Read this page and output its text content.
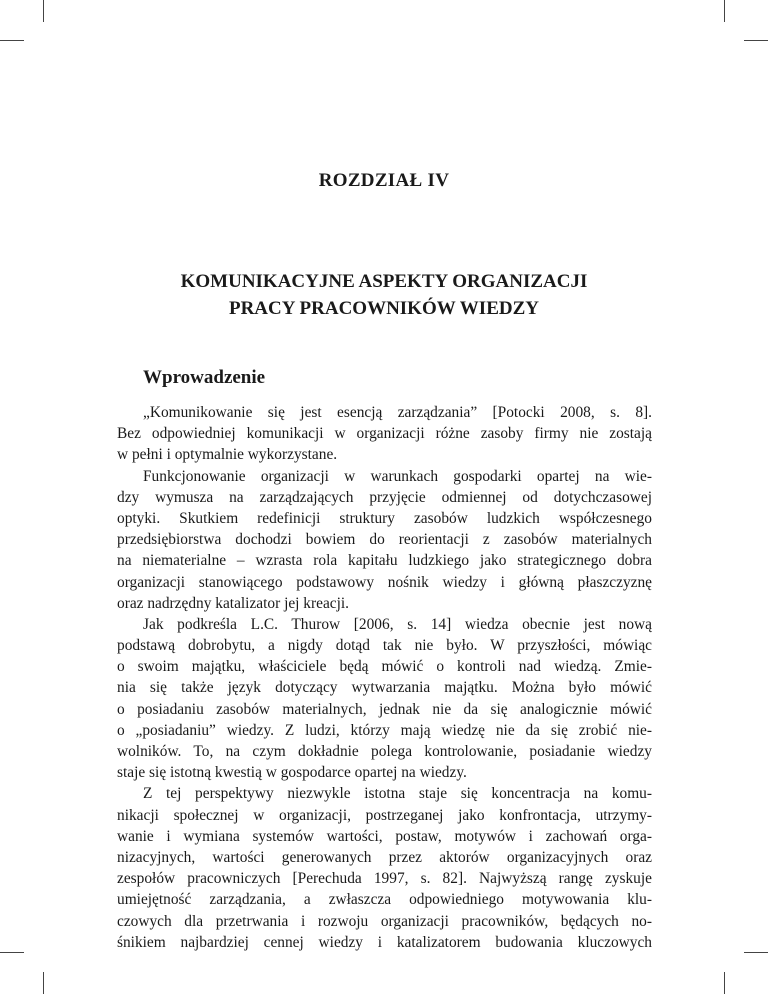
ROZDZIAŁ IV
KOMUNIKACYJNE ASPEKTY ORGANIZACJI
PRACY PRACOWNIKÓW WIEDZY
Wprowadzenie
„Komunikowanie się jest esencją zarządzania” [Potocki 2008, s. 8].
Bez odpowiedniej komunikacji w organizacji różne zasoby firmy nie zostają
w pełni i optymalnie wykorzystane.
Funkcjonowanie organizacji w warunkach gospodarki opartej na wie-
dzy wymusza na zarządzających przyjęcie odmiennej od dotychczasowej
optyki. Skutkiem redefinicji struktury zasobów ludzkich współczesnego
przedsiębiorstwa dochodzi bowiem do reorientacji z zasobów materialnych
na niematerialne – wzrasta rola kapitału ludzkiego jako strategicznego dobra
organizacji stanowiącego podstawowy nośnik wiedzy i główną płaszczyznę
oraz nadrzędny katalizator jej kreacji.
Jak podkreśla L.C. Thurow [2006, s. 14] wiedza obecnie jest nową
podstawą dobrobytu, a nigdy dotąd tak nie było. W przyszłości, mówiąc
o swoim majątku, właściciele będą mówić o kontroli nad wiedzą. Zmie-
nia się także język dotyczący wytwarzania majątku. Można było mówić
o posiadaniu zasobów materialnych, jednak nie da się analogicznie mówić
o „posiadaniu” wiedzy. Z ludzi, którzy mają wiedzę nie da się zrobić nie-
wolników. To, na czym dokładnie polega kontrolowanie, posiadanie wiedzy
staje się istotną kwestią w gospodarce opartej na wiedzy.
Z tej perspektywy niezwykle istotna staje się koncentracja na komu-
nikacji społecznej w organizacji, postrzeganej jako konfrontacja, utrzymy-
wanie i wymiana systemów wartości, postaw, motywów i zachowań orga-
nizacyjnych, wartości generowanych przez aktorów organizacyjnych oraz
zespołów pracowniczych [Perechuda 1997, s. 82]. Najwyższą rangę zyskuje
umiejętność zarządzania, a zwłaszcza odpowiedniego motywowania klu-
czowych dla przetrwania i rozwoju organizacji pracowników, będących no-
śnikiem najbardziej cennej wiedzy i katalizatorem budowania kluczowych
